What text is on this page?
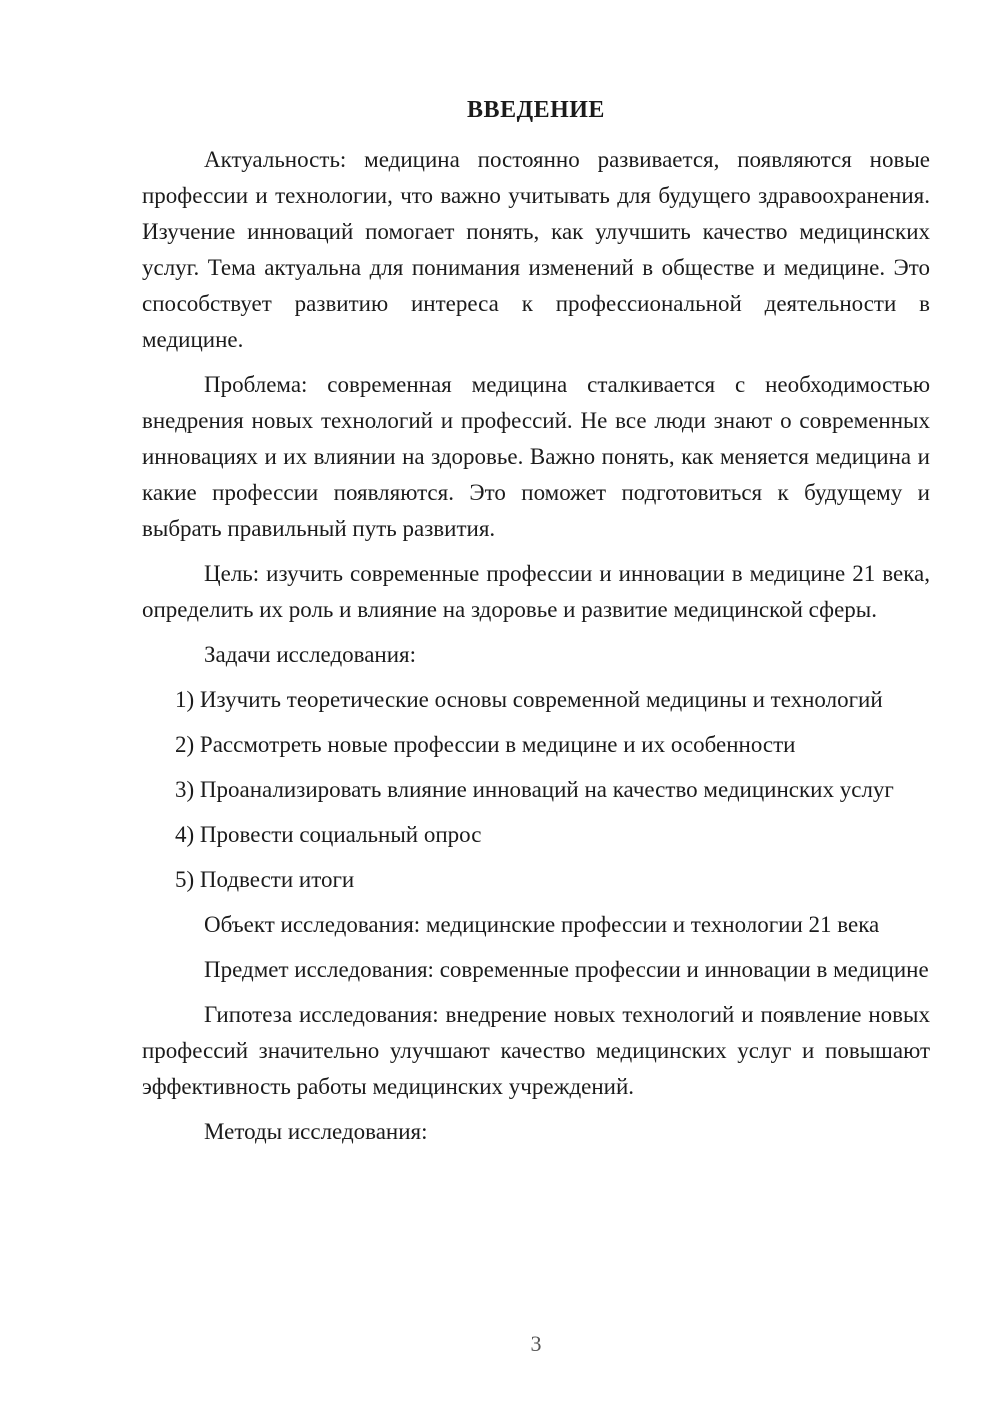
ВВЕДЕНИЕ

Актуальность: медицина постоянно развивается, появляются новые профессии и технологии, что важно учитывать для будущего здравоохранения. Изучение инноваций помогает понять, как улучшить качество медицинских услуг. Тема актуальна для понимания изменений в обществе и медицине. Это способствует развитию интереса к профессиональной деятельности в медицине.

Проблема: современная медицина сталкивается с необходимостью внедрения новых технологий и профессий. Не все люди знают о современных инновациях и их влиянии на здоровье. Важно понять, как меняется медицина и какие профессии появляются. Это поможет подготовиться к будущему и выбрать правильный путь развития.

Цель: изучить современные профессии и инновации в медицине 21 века, определить их роль и влияние на здоровье и развитие медицинской сферы.

Задачи исследования:

1) Изучить теоретические основы современной медицины и технологий

2) Рассмотреть новые профессии в медицине и их особенности

3) Проанализировать влияние инноваций на качество медицинских услуг

4) Провести социальный опрос

5) Подвести итоги

Объект исследования: медицинские профессии и технологии 21 века

Предмет исследования: современные профессии и инновации в медицине

Гипотеза исследования: внедрение новых технологий и появление новых профессий значительно улучшают качество медицинских услуг и повышают эффективность работы медицинских учреждений.

Методы исследования:

3
